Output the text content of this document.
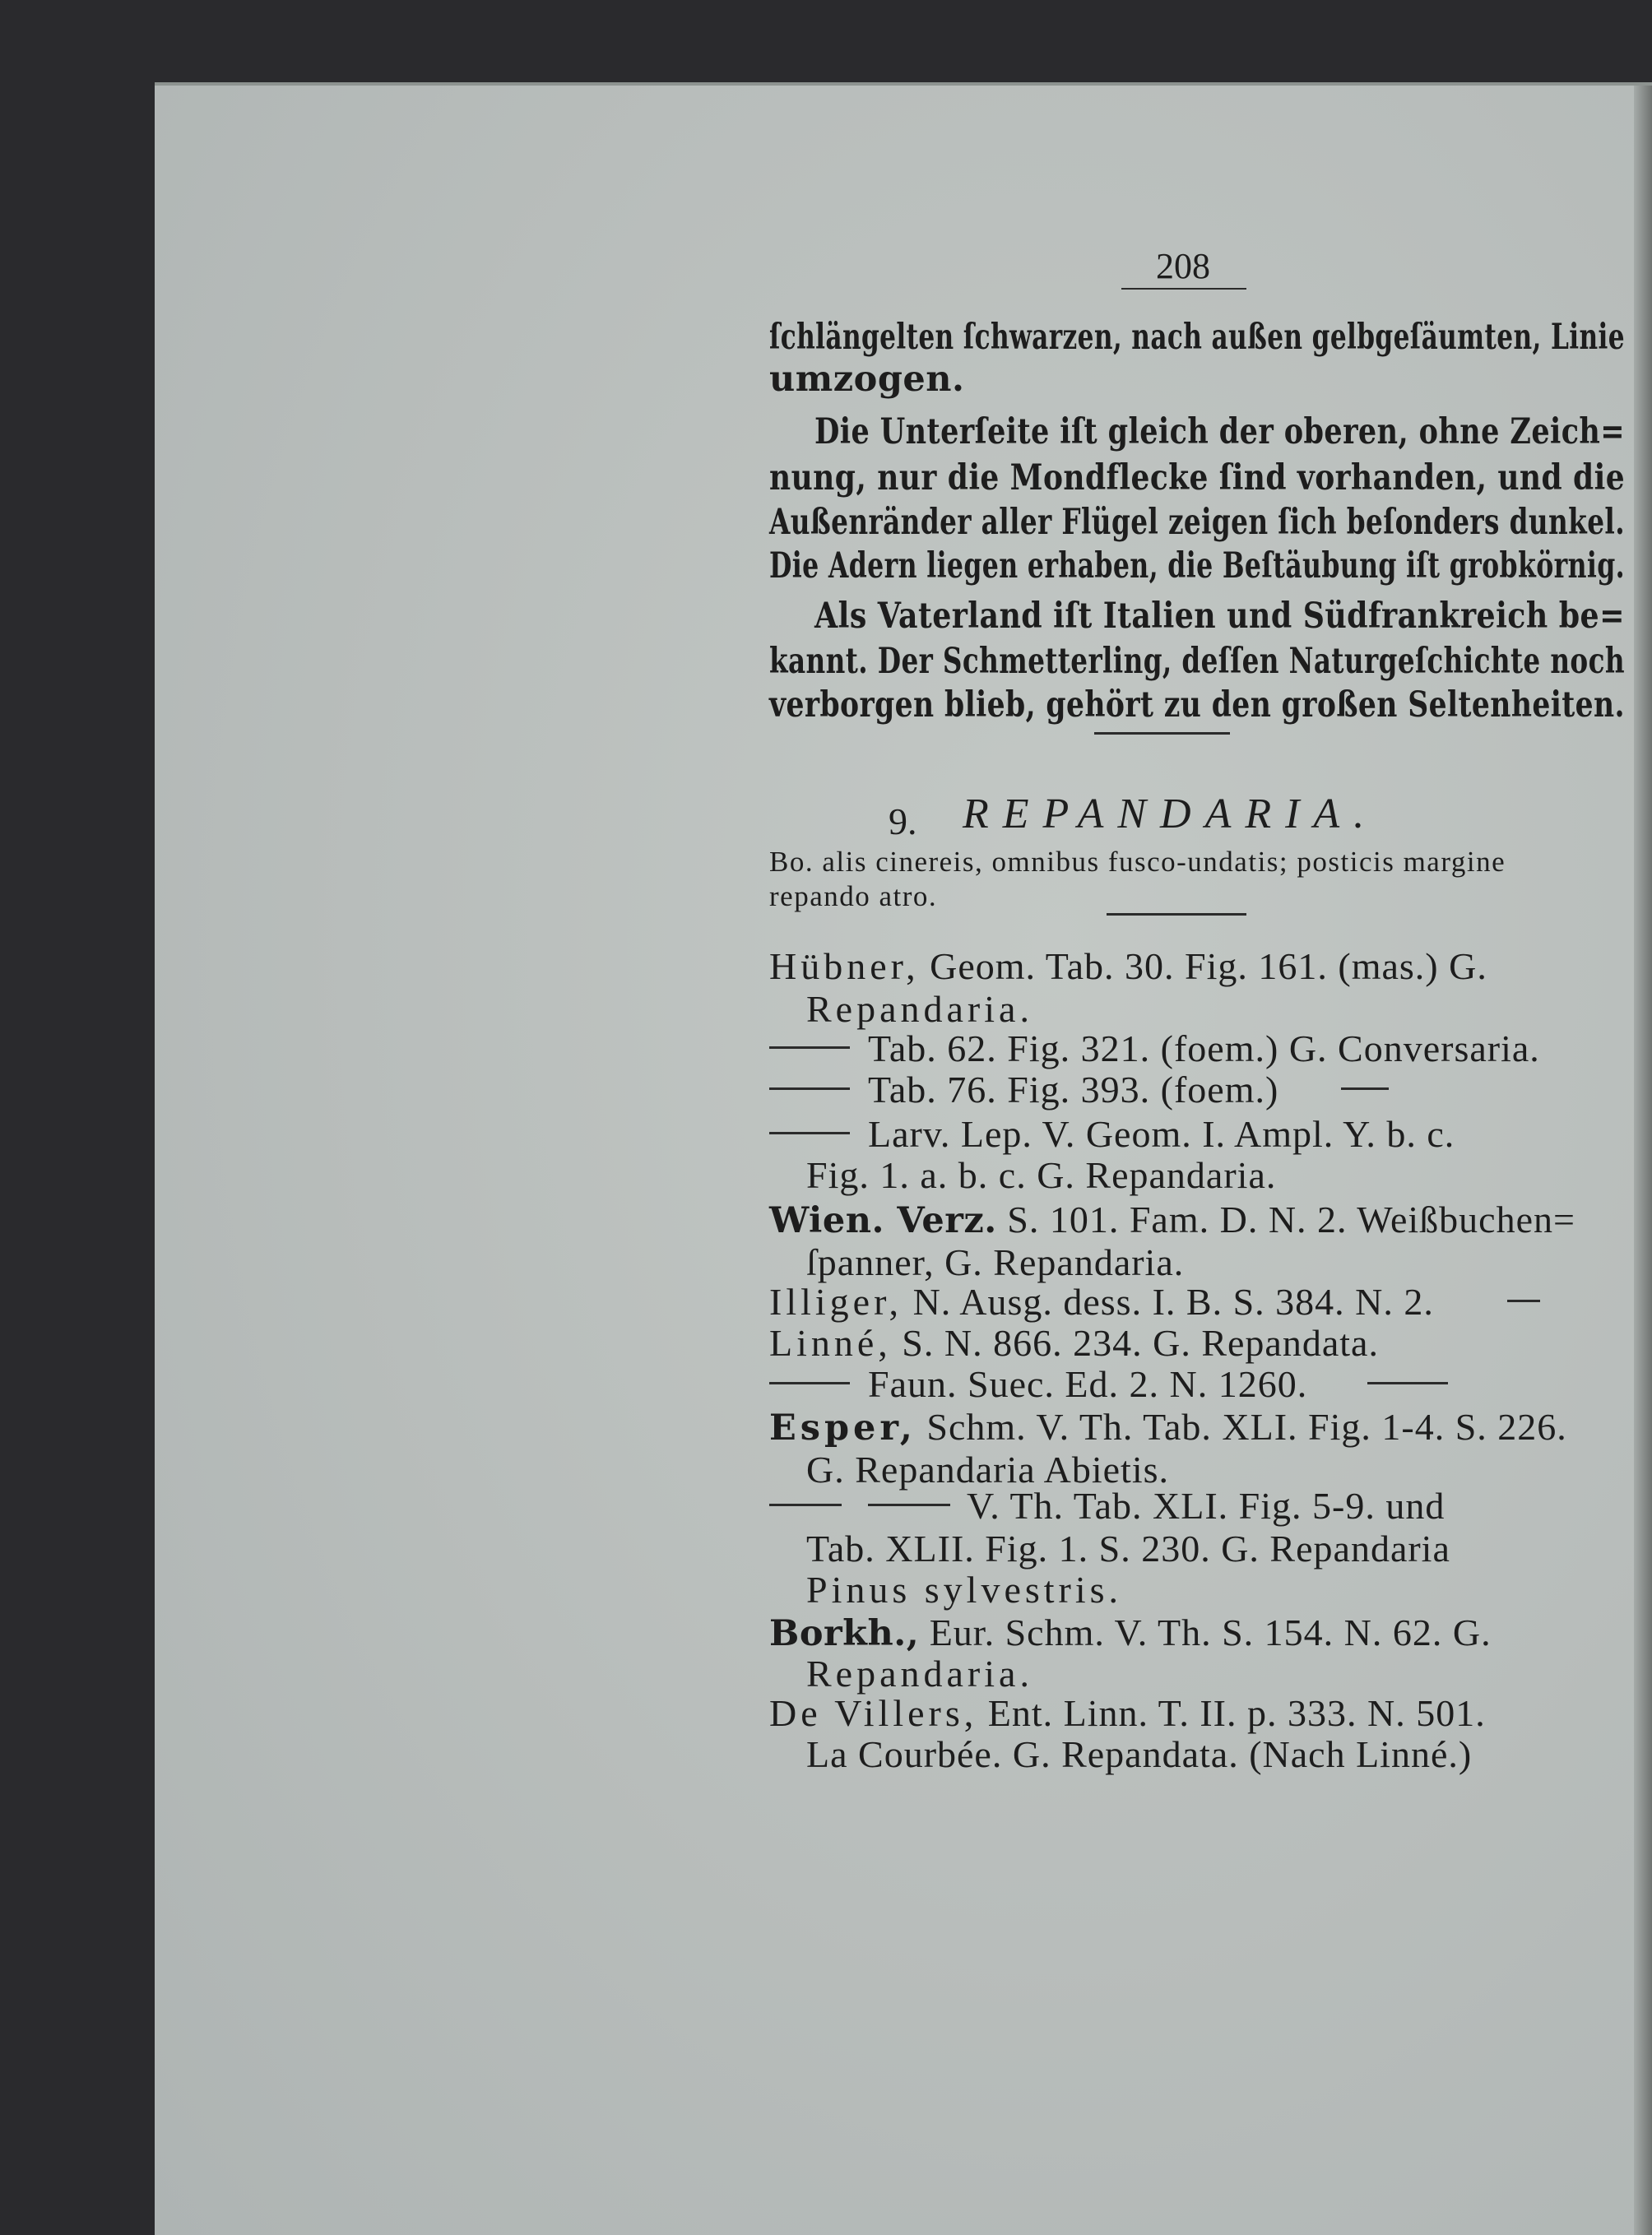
208
ſchlängelten ſchwarzen, nach außen gelbgeſäumten, Linie
umzogen.
Die Unterſeite iſt gleich der oberen, ohne Zeich=
nung, nur die Mondflecke ſind vorhanden, und die
Außenränder aller Flügel zeigen ſich beſonders dunkel.
Die Adern liegen erhaben, die Beſtäubung iſt grobkörnig.
Als Vaterland iſt Italien und Südfrankreich be=
kannt. Der Schmetterling, deſſen Naturgeſchichte noch
verborgen blieb, gehört zu den großen Seltenheiten.
9. REPANDARIA.
Bo. alis cinereis, omnibus fusco-undatis; posticis margine
repando atro.
Hübner, Geom. Tab. 30. Fig. 161. (mas.) G.
Repandaria.
Tab. 62. Fig. 321. (foem.) G. Conversaria.
Tab. 76. Fig. 393. (foem.)
Larv. Lep. V. Geom. I. Ampl. Y. b. c.
Fig. 1. a. b. c. G. Repandaria.
Wien. Verz. S. 101. Fam. D. N. 2. Weißbuchen=
ſpanner, G. Repandaria.
Illiger, N. Ausg. dess. I. B. S. 384. N. 2.
Linné, S. N. 866. 234. G. Repandata.
Faun. Suec. Ed. 2. N. 1260.
Esper, Schm. V. Th. Tab. XLI. Fig. 1-4. S. 226.
G. Repandaria Abietis.
V. Th. Tab. XLI. Fig. 5-9. und
Tab. XLII. Fig. 1. S. 230. G. Repandaria
Pinus sylvestris.
Borkh., Eur. Schm. V. Th. S. 154. N. 62. G.
Repandaria.
De Villers, Ent. Linn. T. II. p. 333. N. 501.
La Courbée. G. Repandata. (Nach Linné.)
